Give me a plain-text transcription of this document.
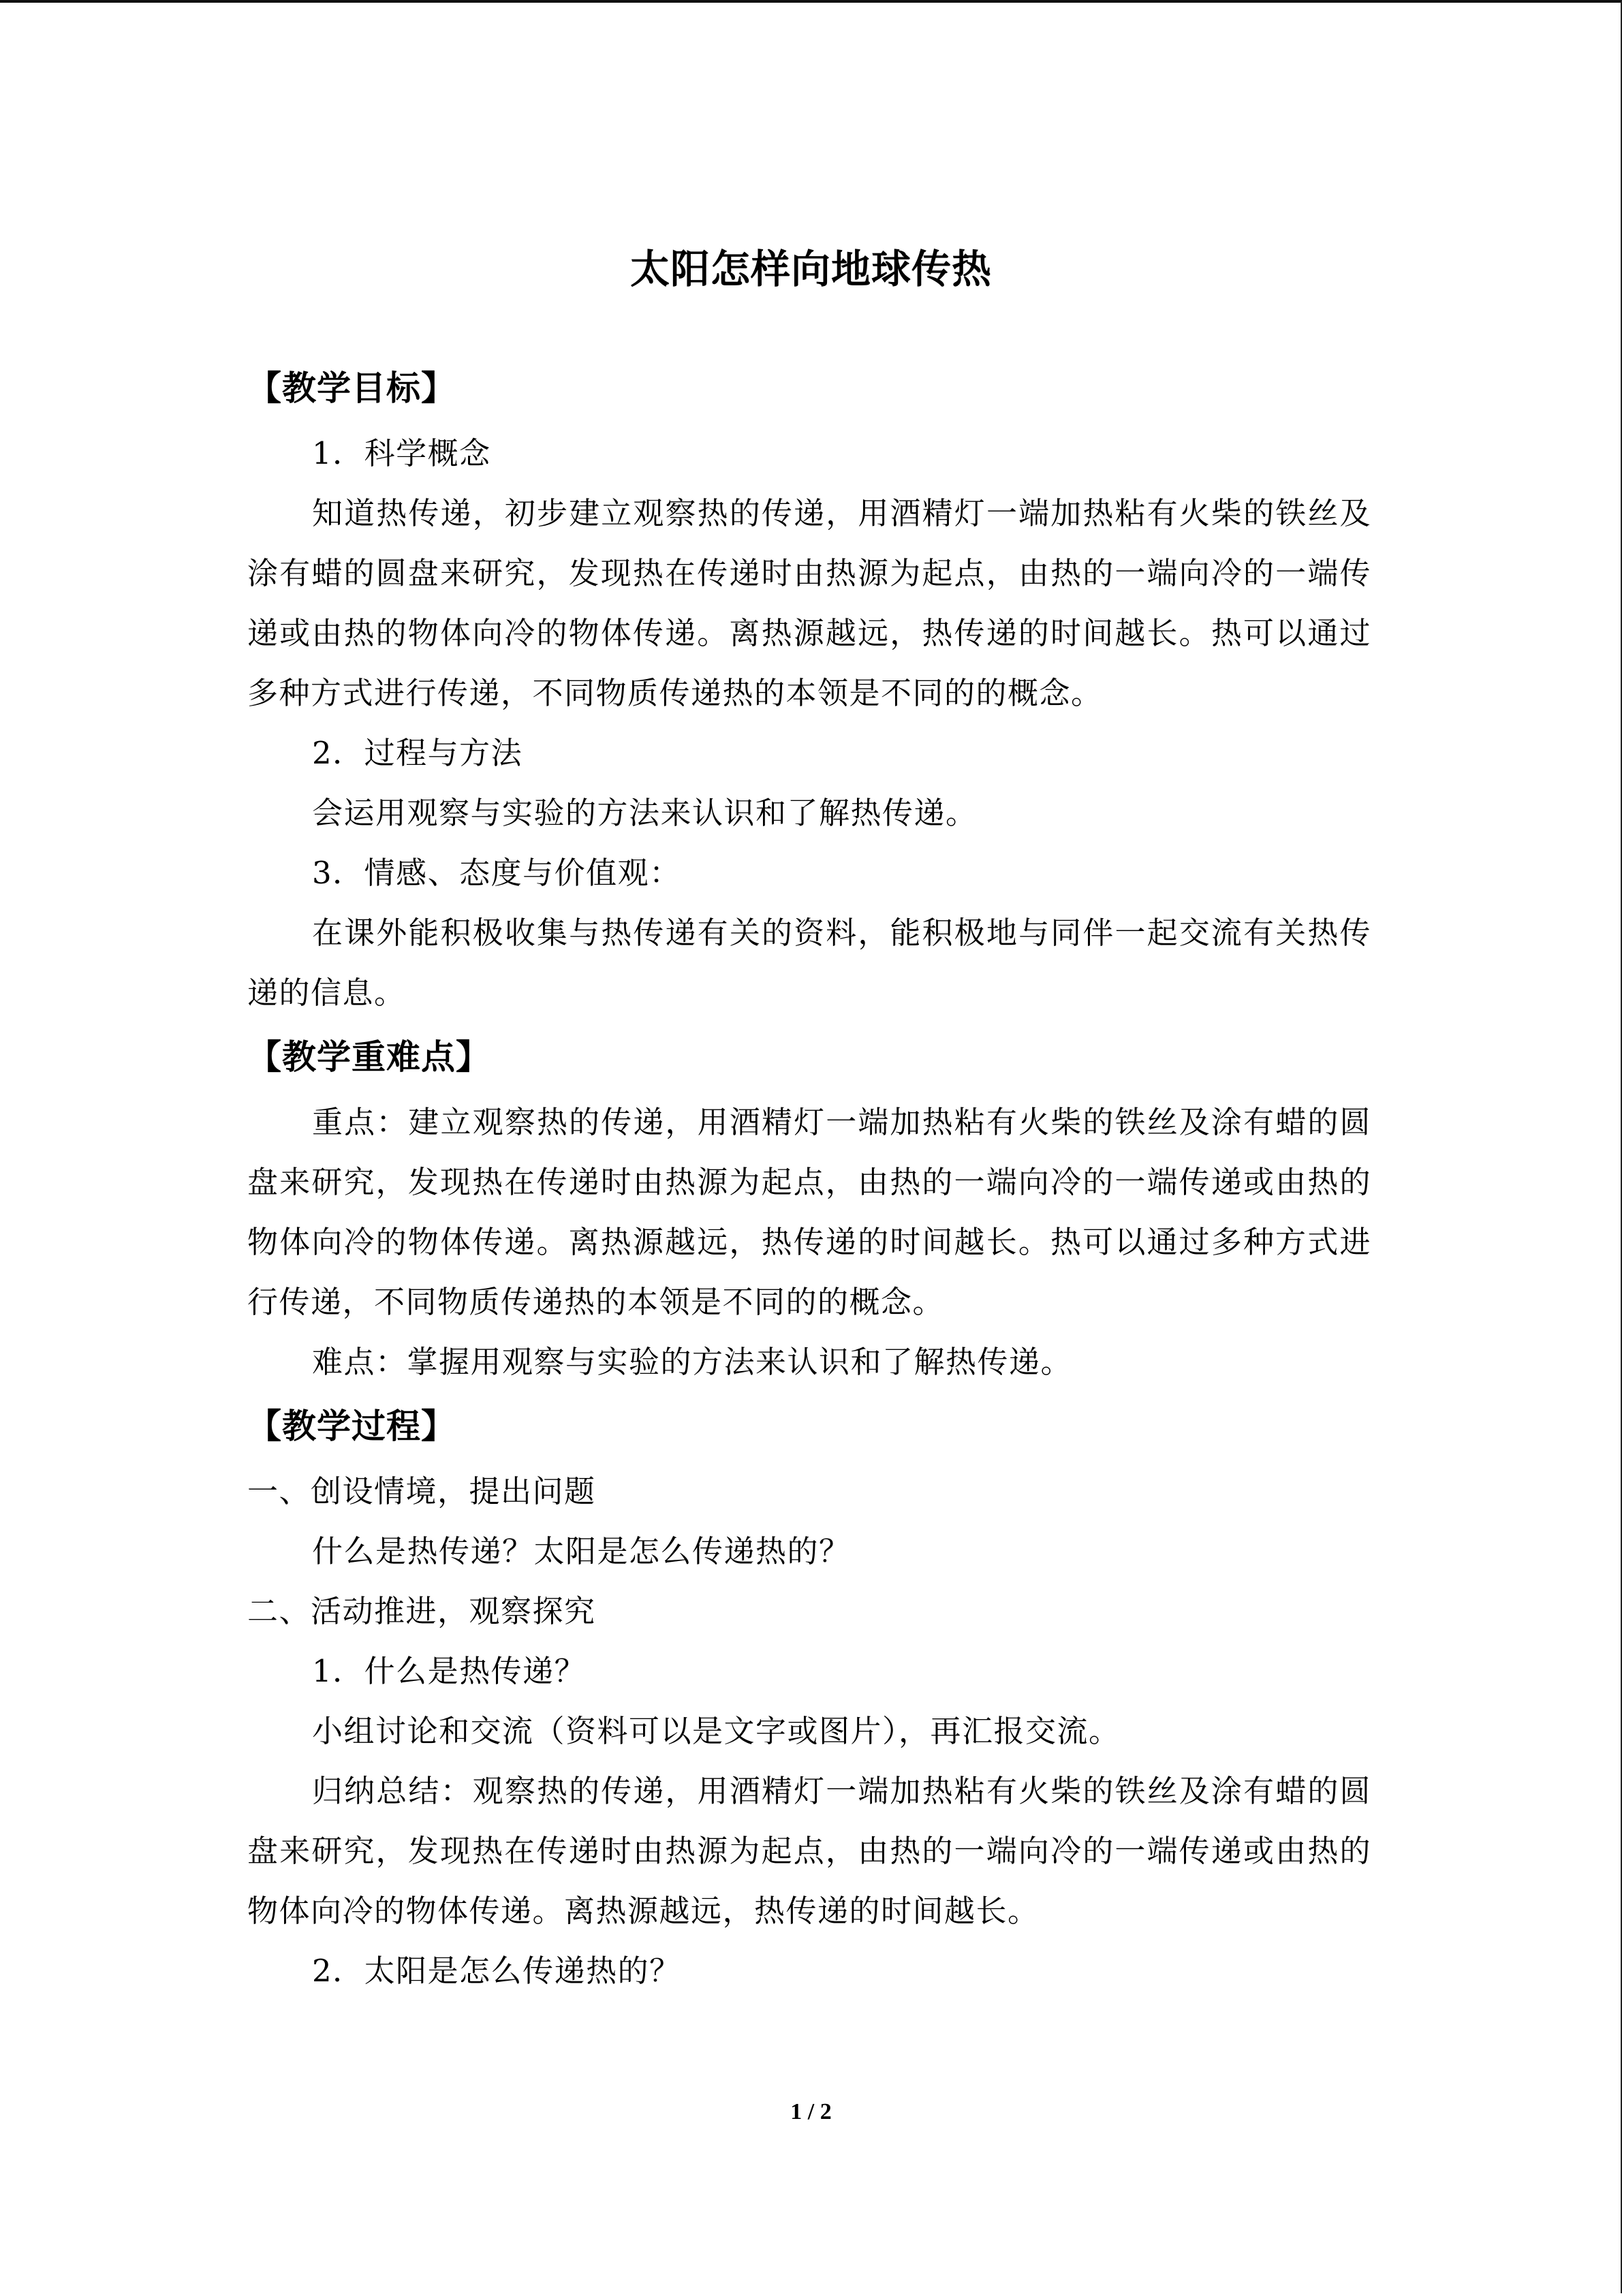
太阳怎样向地球传热
【教学目标】

1．科学概念

知道热传递，初步建立观察热的传递，用酒精灯一端加热粘有火柴的铁丝及涂有蜡的圆盘来研究，发现热在传递时由热源为起点，由热的一端向冷的一端传递或由热的物体向冷的物体传递。离热源越远，热传递的时间越长。热可以通过多种方式进行传递，不同物质传递热的本领是不同的的概念。

2．过程与方法

会运用观察与实验的方法来认识和了解热传递。

3．情感、态度与价值观：

在课外能积极收集与热传递有关的资料，能积极地与同伴一起交流有关热传递的信息。

【教学重难点】

重点：建立观察热的传递，用酒精灯一端加热粘有火柴的铁丝及涂有蜡的圆盘来研究，发现热在传递时由热源为起点，由热的一端向冷的一端传递或由热的物体向冷的物体传递。离热源越远，热传递的时间越长。热可以通过多种方式进行传递，不同物质传递热的本领是不同的的概念。

难点：掌握用观察与实验的方法来认识和了解热传递。

【教学过程】

一、创设情境，提出问题

什么是热传递？太阳是怎么传递热的？

二、活动推进，观察探究

1．什么是热传递？

小组讨论和交流（资料可以是文字或图片），再汇报交流。

归纳总结：观察热的传递，用酒精灯一端加热粘有火柴的铁丝及涂有蜡的圆盘来研究，发现热在传递时由热源为起点，由热的一端向冷的一端传递或由热的物体向冷的物体传递。离热源越远，热传递的时间越长。

2．太阳是怎么传递热的？

1 / 2
